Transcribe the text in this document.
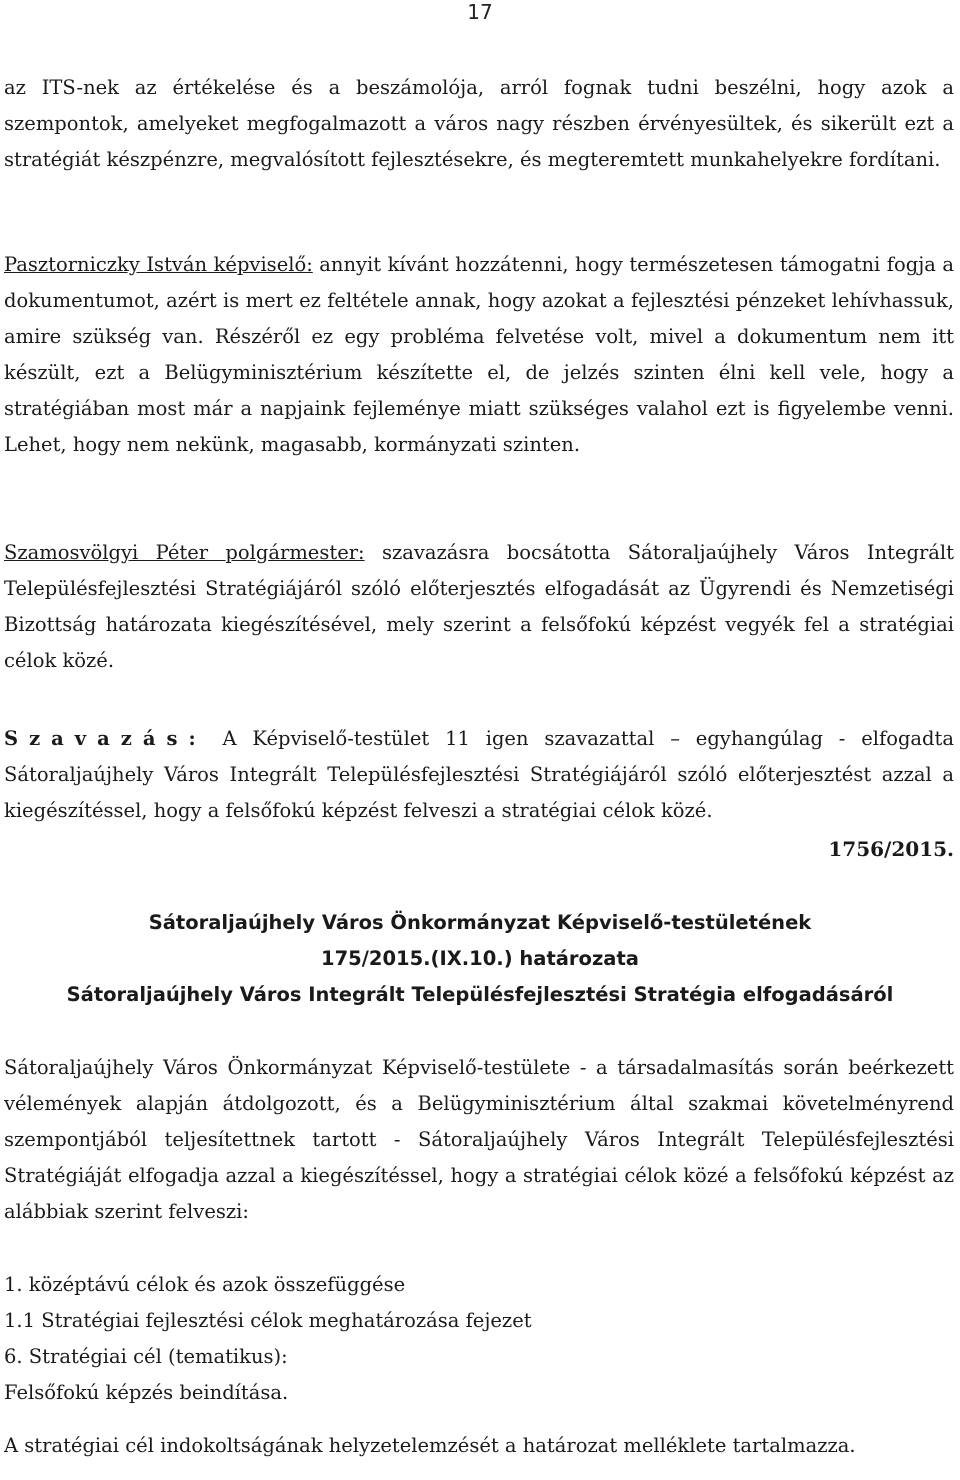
17

az ITS-nek az értékelése és a beszámolója, arról fognak tudni beszélni, hogy azok a szempontok, amelyeket megfogalmazott a város nagy részben érvényesültek, és sikerült ezt a stratégiát készpénzre, megvalósított fejlesztésekre, és megteremtett munkahelyekre fordítani.

Pasztorniczky István képviselő: annyit kívánt hozzátenni, hogy természetesen támogatni fogja a dokumentumot, azért is mert ez feltétele annak, hogy azokat a fejlesztési pénzeket lehívhassuk, amire szükség van. Részéről ez egy probléma felvetése volt, mivel a dokumentum nem itt készült, ezt a Belügyminisztérium készítette el, de jelzés szinten élni kell vele, hogy a stratégiában most már a napjaink fejleménye miatt szükséges valahol ezt is figyelembe venni. Lehet, hogy nem nekünk, magasabb, kormányzati szinten.

Szamosvölgyi Péter polgármester: szavazásra bocsátotta Sátoraljaújhely Város Integrált Településfejlesztési Stratégiájáról szóló előterjesztés elfogadását az Ügyrendi és Nemzetiségi Bizottság határozata kiegészítésével, mely szerint a felsőfokú képzést vegyék fel a stratégiai célok közé.

Szavazás: A Képviselő-testület 11 igen szavazattal – egyhangúlag - elfogadta Sátoraljaújhely Város Integrált Településfejlesztési Stratégiájáról szóló előterjesztést azzal a kiegészítéssel, hogy a felsőfokú képzést felveszi a stratégiai célok közé.

1756/2015.
Sátoraljaújhely Város Önkormányzat Képviselő-testületének
175/2015.(IX.10.) határozata
Sátoraljaújhely Város Integrált Településfejlesztési Stratégia elfogadásáról

Sátoraljaújhely Város Önkormányzat Képviselő-testülete - a társadalmasítás során beérkezett vélemények alapján átdolgozott, és a Belügyminisztérium által szakmai követelményrend szempontjából teljesítettnek tartott - Sátoraljaújhely Város Integrált Településfejlesztési Stratégiáját elfogadja azzal a kiegészítéssel, hogy a stratégiai célok közé a felsőfokú képzést az alábbiak szerint felveszi:

1. középtávú célok és azok összefüggése
1.1 Stratégiai fejlesztési célok meghatározása fejezet
6. Stratégiai cél (tematikus):
Felsőfokú képzés beindítása.

A stratégiai cél indokoltságának helyzetelemzését a határozat melléklete tartalmazza.
